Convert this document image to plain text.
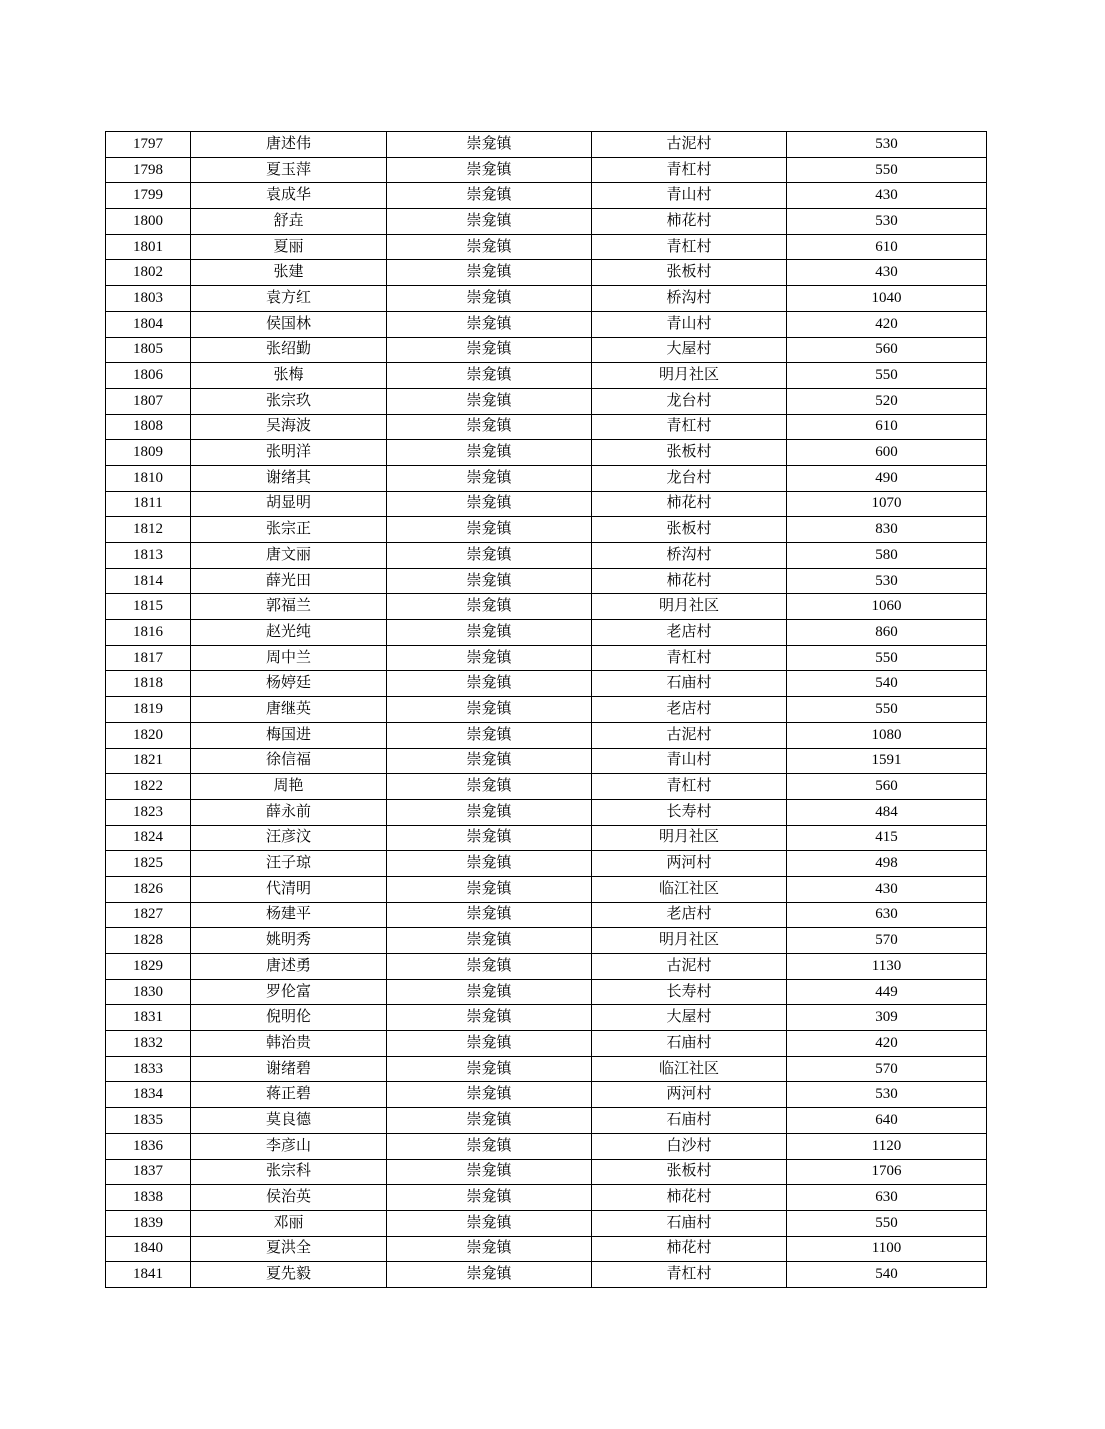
1797	唐述伟	崇龛镇	古泥村	530
1798	夏玉萍	崇龛镇	青杠村	550
1799	袁成华	崇龛镇	青山村	430
1800	舒垚	崇龛镇	柿花村	530
1801	夏丽	崇龛镇	青杠村	610
1802	张建	崇龛镇	张板村	430
1803	袁方红	崇龛镇	桥沟村	1040
1804	侯国林	崇龛镇	青山村	420
1805	张绍勤	崇龛镇	大屋村	560
1806	张梅	崇龛镇	明月社区	550
1807	张宗玖	崇龛镇	龙台村	520
1808	吴海波	崇龛镇	青杠村	610
1809	张明洋	崇龛镇	张板村	600
1810	谢绪其	崇龛镇	龙台村	490
1811	胡显明	崇龛镇	柿花村	1070
1812	张宗正	崇龛镇	张板村	830
1813	唐文丽	崇龛镇	桥沟村	580
1814	薛光田	崇龛镇	柿花村	530
1815	郭福兰	崇龛镇	明月社区	1060
1816	赵光纯	崇龛镇	老店村	860
1817	周中兰	崇龛镇	青杠村	550
1818	杨婷廷	崇龛镇	石庙村	540
1819	唐继英	崇龛镇	老店村	550
1820	梅国进	崇龛镇	古泥村	1080
1821	徐信福	崇龛镇	青山村	1591
1822	周艳	崇龛镇	青杠村	560
1823	薛永前	崇龛镇	长寿村	484
1824	汪彦汶	崇龛镇	明月社区	415
1825	汪子琼	崇龛镇	两河村	498
1826	代清明	崇龛镇	临江社区	430
1827	杨建平	崇龛镇	老店村	630
1828	姚明秀	崇龛镇	明月社区	570
1829	唐述勇	崇龛镇	古泥村	1130
1830	罗伦富	崇龛镇	长寿村	449
1831	倪明伦	崇龛镇	大屋村	309
1832	韩治贵	崇龛镇	石庙村	420
1833	谢绪碧	崇龛镇	临江社区	570
1834	蒋正碧	崇龛镇	两河村	530
1835	莫良德	崇龛镇	石庙村	640
1836	李彦山	崇龛镇	白沙村	1120
1837	张宗科	崇龛镇	张板村	1706
1838	侯治英	崇龛镇	柿花村	630
1839	邓丽	崇龛镇	石庙村	550
1840	夏洪全	崇龛镇	柿花村	1100
1841	夏先毅	崇龛镇	青杠村	540
